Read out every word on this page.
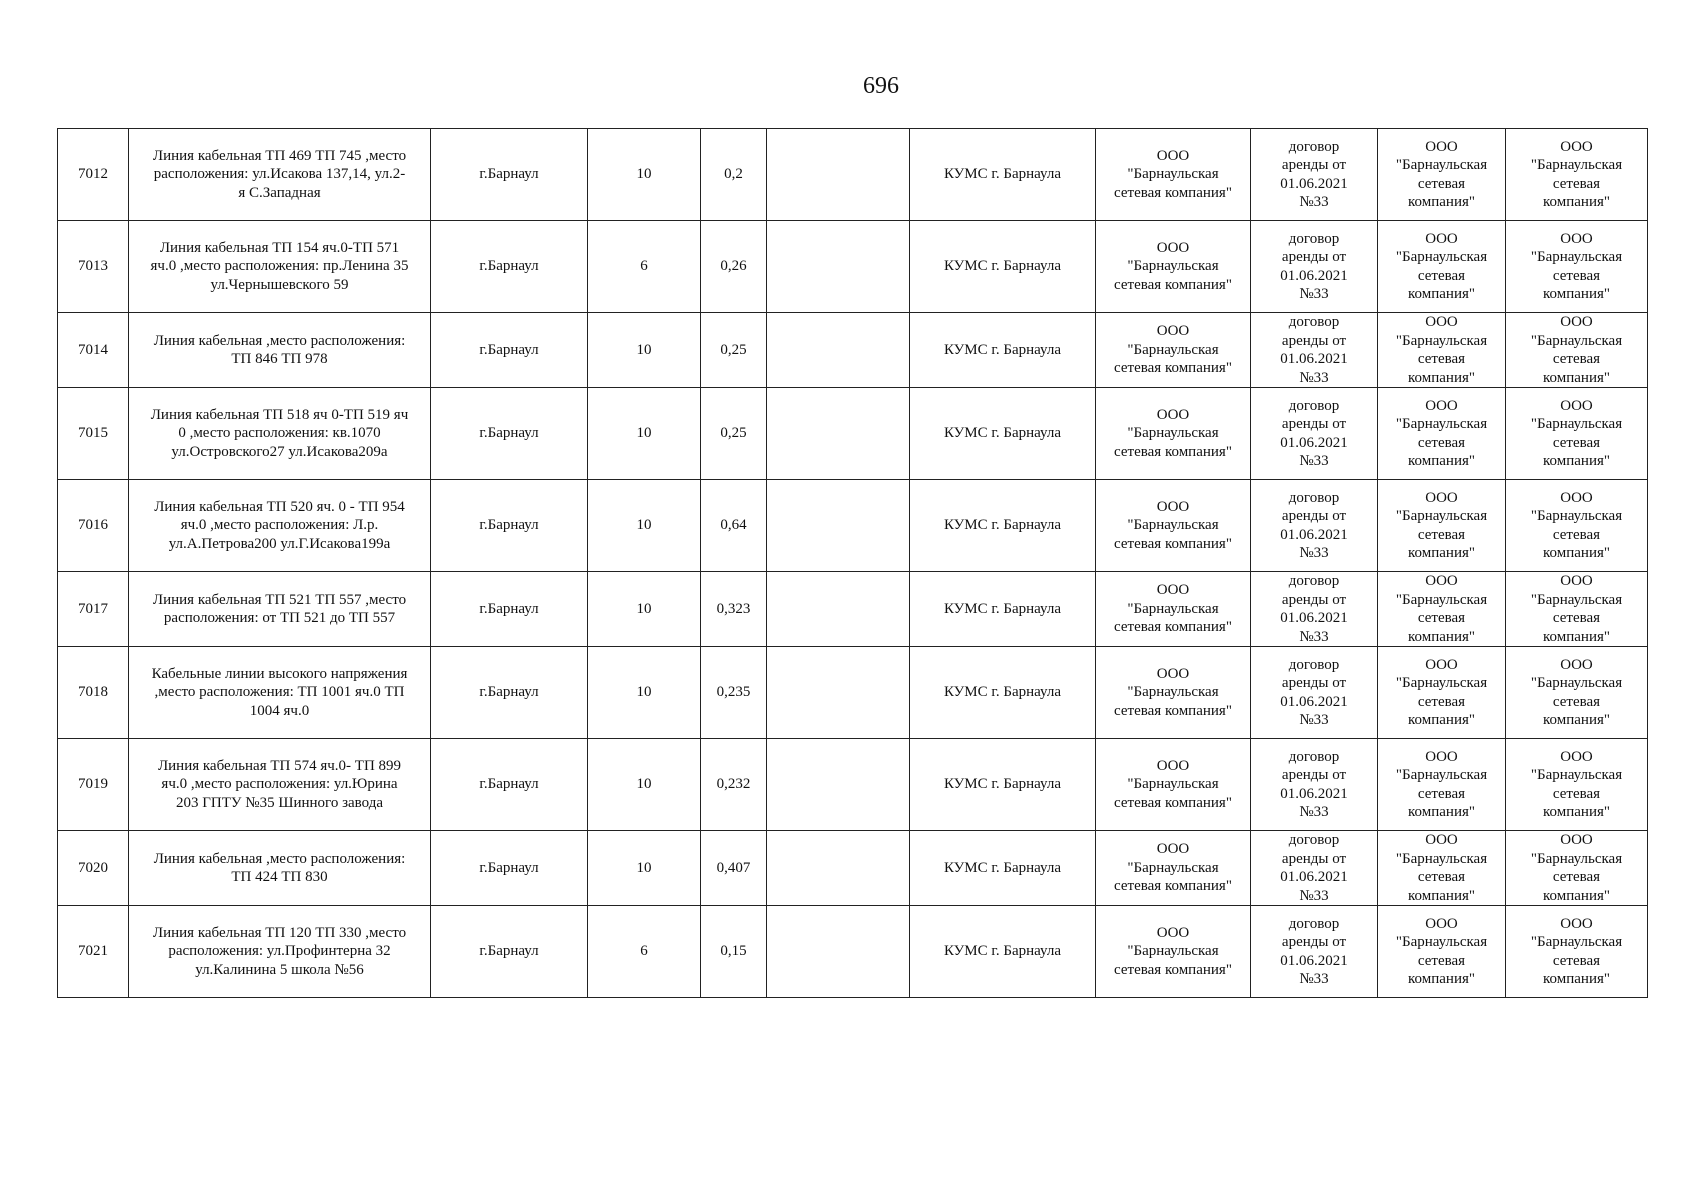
696
7012	Линия кабельная ТП 469 ТП 745 ,место
расположения: ул.Исакова 137,14, ул.2-
я С.Западная	г.Барнаул	10	0,2		КУМС г. Барнаула	ООО
"Барнаульская
сетевая компания"	договор
аренды от
01.06.2021
№33	ООО
"Барнаульская
сетевая
компания"	ООО
"Барнаульская
сетевая
компания"
7013	Линия кабельная ТП 154 яч.0-ТП 571
яч.0 ,место расположения: пр.Ленина 35
ул.Чернышевского 59	г.Барнаул	6	0,26		КУМС г. Барнаула	ООО
"Барнаульская
сетевая компания"	договор
аренды от
01.06.2021
№33	ООО
"Барнаульская
сетевая
компания"	ООО
"Барнаульская
сетевая
компания"
7014	Линия кабельная ,место расположения:
ТП 846 ТП 978	г.Барнаул	10	0,25		КУМС г. Барнаула	ООО
"Барнаульская
сетевая компания"	договор
аренды от
01.06.2021
№33	ООО
"Барнаульская
сетевая
компания"	ООО
"Барнаульская
сетевая
компания"
7015	Линия кабельная ТП 518 яч 0-ТП 519 яч
0 ,место расположения: кв.1070
ул.Островского27 ул.Исакова209а	г.Барнаул	10	0,25		КУМС г. Барнаула	ООО
"Барнаульская
сетевая компания"	договор
аренды от
01.06.2021
№33	ООО
"Барнаульская
сетевая
компания"	ООО
"Барнаульская
сетевая
компания"
7016	Линия кабельная ТП 520 яч. 0 - ТП 954
яч.0 ,место расположения: Л.р.
ул.А.Петрова200 ул.Г.Исакова199а	г.Барнаул	10	0,64		КУМС г. Барнаула	ООО
"Барнаульская
сетевая компания"	договор
аренды от
01.06.2021
№33	ООО
"Барнаульская
сетевая
компания"	ООО
"Барнаульская
сетевая
компания"
7017	Линия кабельная ТП 521 ТП 557 ,место
расположения: от ТП 521 до ТП 557	г.Барнаул	10	0,323		КУМС г. Барнаула	ООО
"Барнаульская
сетевая компания"	договор
аренды от
01.06.2021
№33	ООО
"Барнаульская
сетевая
компания"	ООО
"Барнаульская
сетевая
компания"
7018	Кабельные линии высокого напряжения
,место расположения: ТП 1001 яч.0 ТП
1004 яч.0	г.Барнаул	10	0,235		КУМС г. Барнаула	ООО
"Барнаульская
сетевая компания"	договор
аренды от
01.06.2021
№33	ООО
"Барнаульская
сетевая
компания"	ООО
"Барнаульская
сетевая
компания"
7019	Линия кабельная ТП 574 яч.0- ТП 899
яч.0 ,место расположения: ул.Юрина
203 ГПТУ №35 Шинного завода	г.Барнаул	10	0,232		КУМС г. Барнаула	ООО
"Барнаульская
сетевая компания"	договор
аренды от
01.06.2021
№33	ООО
"Барнаульская
сетевая
компания"	ООО
"Барнаульская
сетевая
компания"
7020	Линия кабельная ,место расположения:
ТП 424 ТП 830	г.Барнаул	10	0,407		КУМС г. Барнаула	ООО
"Барнаульская
сетевая компания"	договор
аренды от
01.06.2021
№33	ООО
"Барнаульская
сетевая
компания"	ООО
"Барнаульская
сетевая
компания"
7021	Линия кабельная ТП 120 ТП 330 ,место
расположения: ул.Профинтерна 32
ул.Калинина 5 школа №56	г.Барнаул	6	0,15		КУМС г. Барнаула	ООО
"Барнаульская
сетевая компания"	договор
аренды от
01.06.2021
№33	ООО
"Барнаульская
сетевая
компания"	ООО
"Барнаульская
сетевая
компания"
